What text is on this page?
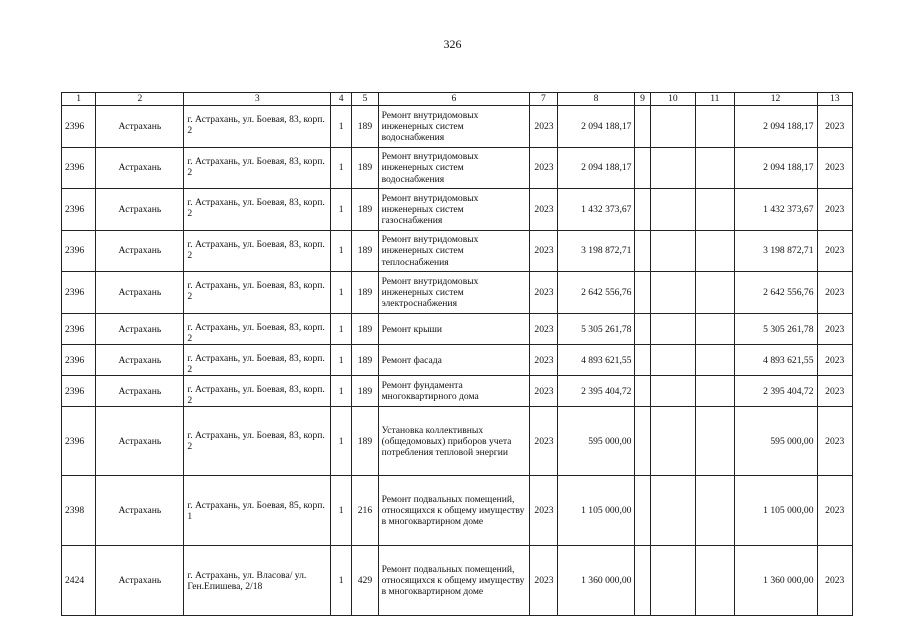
326
1	2	3	4	5	6	7	8	9	10	11	12	13
2396	Астрахань	г. Астрахань, ул. Боевая, 83, корп. 2	1	189	Ремонт внутридомовых инженерных систем водоснабжения	2023	2 094 188,17				2 094 188,17	2023
2396	Астрахань	г. Астрахань, ул. Боевая, 83, корп. 2	1	189	Ремонт внутридомовых инженерных систем водоснабжения	2023	2 094 188,17				2 094 188,17	2023
2396	Астрахань	г. Астрахань, ул. Боевая, 83, корп. 2	1	189	Ремонт внутридомовых инженерных систем газоснабжения	2023	1 432 373,67				1 432 373,67	2023
2396	Астрахань	г. Астрахань, ул. Боевая, 83, корп. 2	1	189	Ремонт внутридомовых инженерных систем теплоснабжения	2023	3 198 872,71				3 198 872,71	2023
2396	Астрахань	г. Астрахань, ул. Боевая, 83, корп. 2	1	189	Ремонт внутридомовых инженерных систем электроснабжения	2023	2 642 556,76				2 642 556,76	2023
2396	Астрахань	г. Астрахань, ул. Боевая, 83, корп. 2	1	189	Ремонт крыши	2023	5 305 261,78				5 305 261,78	2023
2396	Астрахань	г. Астрахань, ул. Боевая, 83, корп. 2	1	189	Ремонт фасада	2023	4 893 621,55				4 893 621,55	2023
2396	Астрахань	г. Астрахань, ул. Боевая, 83, корп. 2	1	189	Ремонт фундамента многоквартирного дома	2023	2 395 404,72				2 395 404,72	2023
2396	Астрахань	г. Астрахань, ул. Боевая, 83, корп. 2	1	189	Установка коллективных (общедомовых) приборов учета потребления тепловой энергии	2023	595 000,00				595 000,00	2023
2398	Астрахань	г. Астрахань, ул. Боевая, 85, корп. 1	1	216	Ремонт подвальных помещений, относящихся к общему имуществу в многоквартирном доме	2023	1 105 000,00				1 105 000,00	2023
2424	Астрахань	г. Астрахань, ул. Власова/ ул. Ген.Епишева, 2/18	1	429	Ремонт подвальных помещений, относящихся к общему имуществу в многоквартирном доме	2023	1 360 000,00				1 360 000,00	2023
